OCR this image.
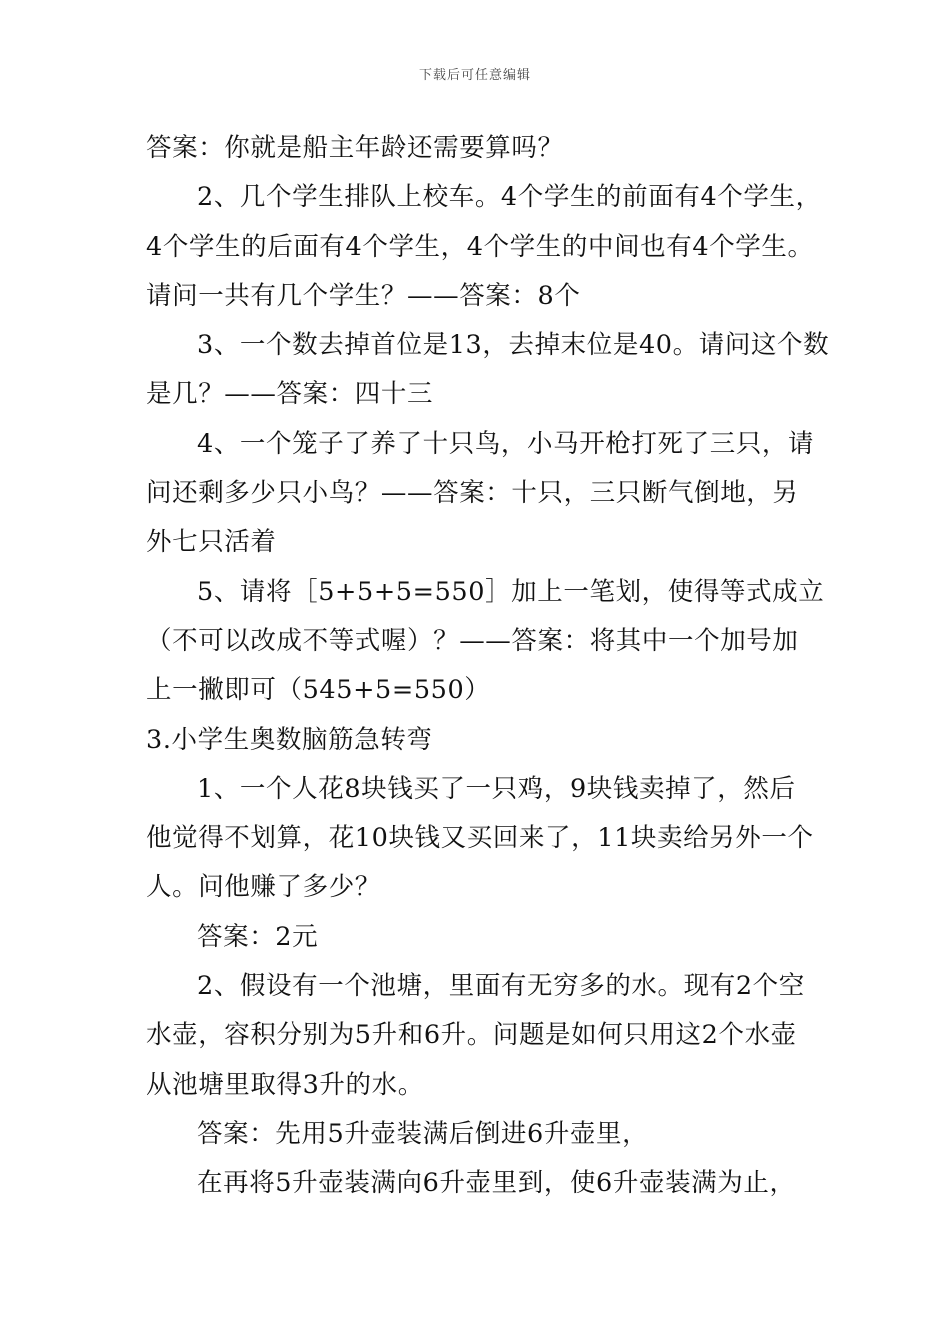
下载后可任意编辑
答案：你就是船主年龄还需要算吗？
2、几个学生排队上校车。4个学生的前面有4个学生，
4个学生的后面有4个学生，4个学生的中间也有4个学生。
请问一共有几个学生？——答案：8个
3、一个数去掉首位是13，去掉末位是40。请问这个数
是几？——答案：四十三
4、一个笼子了养了十只鸟，小马开枪打死了三只，请
问还剩多少只小鸟？——答案：十只，三只断气倒地，另
外七只活着
5、请将［5+5+5=550］加上一笔划，使得等式成立
（不可以改成不等式喔）？——答案：将其中一个加号加
上一撇即可（545+5=550）
3.小学生奥数脑筋急转弯
1、一个人花8块钱买了一只鸡，9块钱卖掉了，然后
他觉得不划算，花10块钱又买回来了，11块卖给另外一个
人。问他赚了多少？
答案：2元
2、假设有一个池塘，里面有无穷多的水。现有2个空
水壶，容积分别为5升和6升。问题是如何只用这2个水壶
从池塘里取得3升的水。
答案：先用5升壶装满后倒进6升壶里，
在再将5升壶装满向6升壶里到，使6升壶装满为止，
